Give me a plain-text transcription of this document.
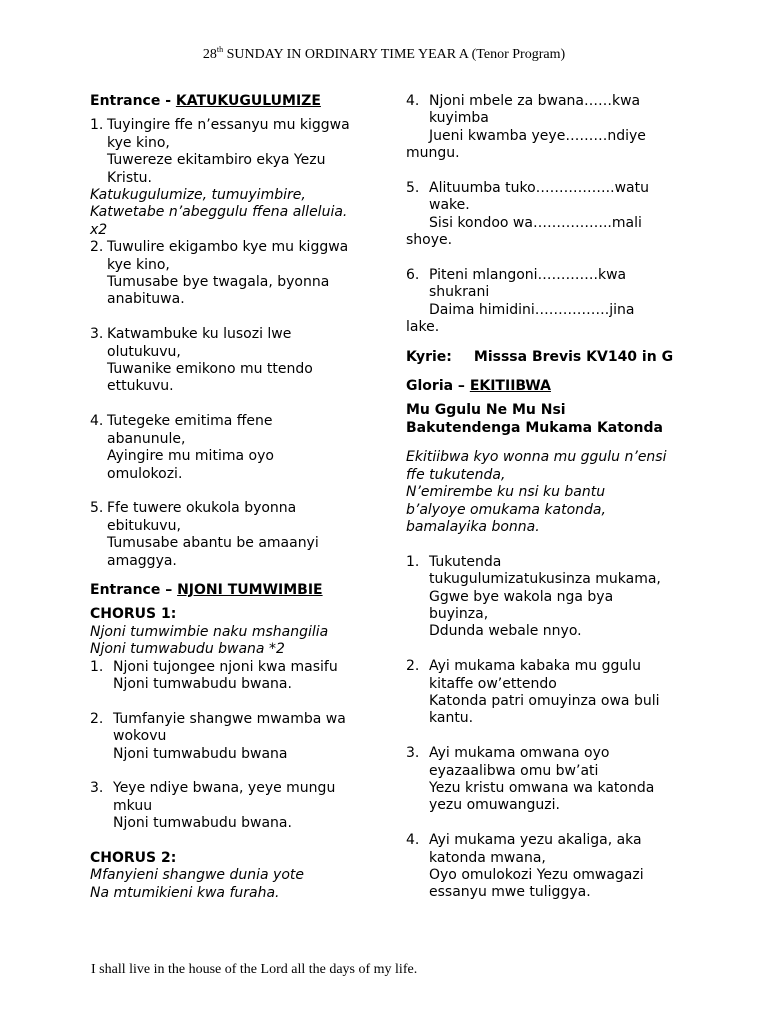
28th SUNDAY IN ORDINARY TIME YEAR A (Tenor Program)
Entrance - KATUKUGULUMIZE
1. Tuyingire ffe n’essanyu mu kiggwa
kye kino,
Tuwereze ekitambiro ekya Yezu
Kristu.
Katukugulumize, tumuyimbire,
Katwetabe n’abeggulu ffena alleluia.
x2
2. Tuwulire ekigambo kye mu kiggwa
kye kino,
Tumusabe bye twagala, byonna
anabituwa.
3. Katwambuke ku lusozi lwe
olutukuvu,
Tuwanike emikono mu ttendo
ettukuvu.
4. Tutegeke emitima ffene
abanunule,
Ayingire mu mitima oyo
omulokozi.
5. Ffe tuwere okukola byonna
ebitukuvu,
Tumusabe abantu be amaanyi
amaggya.
Entrance – NJONI TUMWIMBIE
CHORUS 1:
Njoni tumwimbie naku mshangilia
Njoni tumwabudu bwana *2
1. Njoni tujongee njoni kwa masifu
Njoni tumwabudu bwana.
2. Tumfanyie shangwe mwamba wa
wokovu
Njoni tumwabudu bwana
3. Yeye ndiye bwana, yeye mungu
mkuu
Njoni tumwabudu bwana.
CHORUS 2:
Mfanyieni shangwe dunia yote
Na mtumikieni kwa furaha.
4. Njoni mbele za bwana……kwa
kuyimba
Jueni kwamba yeye………ndiye
mungu.
5. Alituumba tuko……………..watu
wake.
Sisi kondoo wa……………..mali
shoye.
6. Piteni mlangoni………….kwa
shukrani
Daima himidini…………….jina
lake.
Kyrie: Misssa Brevis KV140 in G
Gloria – EKITIIBWA
Mu Ggulu Ne Mu Nsi
Bakutendenga Mukama Katonda
Ekitiibwa kyo wonna mu ggulu n’ensi
ffe tukutenda,
N’emirembe ku nsi ku bantu
b’alyoye omukama katonda,
bamalayika bonna.
1. Tukutenda
tukugulumizatukusinza mukama,
Ggwe bye wakola nga bya
buyinza,
Ddunda webale nnyo.
2. Ayi mukama kabaka mu ggulu
kitaffe ow’ettendo
Katonda patri omuyinza owa buli
kantu.
3. Ayi mukama omwana oyo
eyazaalibwa omu bw’ati
Yezu kristu omwana wa katonda
yezu omuwanguzi.
4. Ayi mukama yezu akaliga, aka
katonda mwana,
Oyo omulokozi Yezu omwagazi
essanyu mwe tuliggya.
I shall live in the house of the Lord all the days of my life.
